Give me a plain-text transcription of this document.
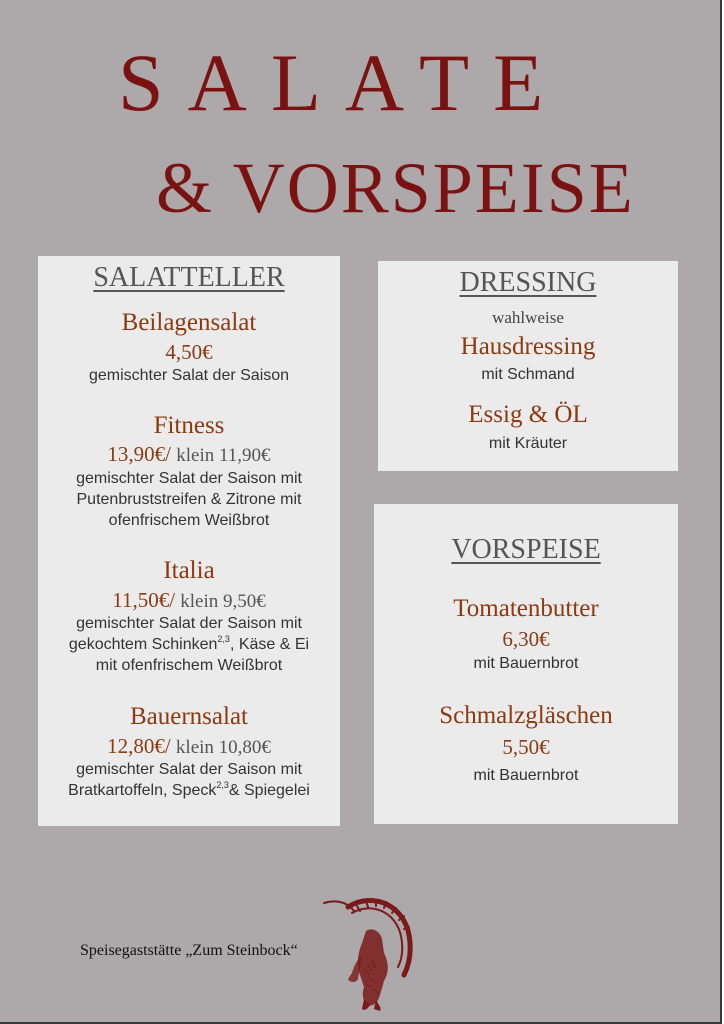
SALATE
& VORSPEISE
SALATTELLER
Beilagensalat
4,50€
gemischter Salat der Saison
Fitness
13,90€/ klein 11,90€
gemischter Salat der Saison mit
Putenbruststreifen & Zitrone mit
ofenfrischem Weißbrot
Italia
11,50€/ klein 9,50€
gemischter Salat der Saison mit
gekochtem Schinken$^{2,3}$, Käse & Ei
mit ofenfrischem Weißbrot
Bauernsalat
12,80€/ klein 10,80€
gemischter Salat der Saison mit
Bratkartoffeln, Speck$^{2,3}$& Spiegelei
DRESSING
wahlweise
Hausdressing
mit Schmand
Essig & ÖL
mit Kräuter
VORSPEISE
Tomatenbutter
6,30€
mit Bauernbrot
Schmalzgläschen
5,50€
mit Bauernbrot
Speisegaststätte „Zum Steinbock“
